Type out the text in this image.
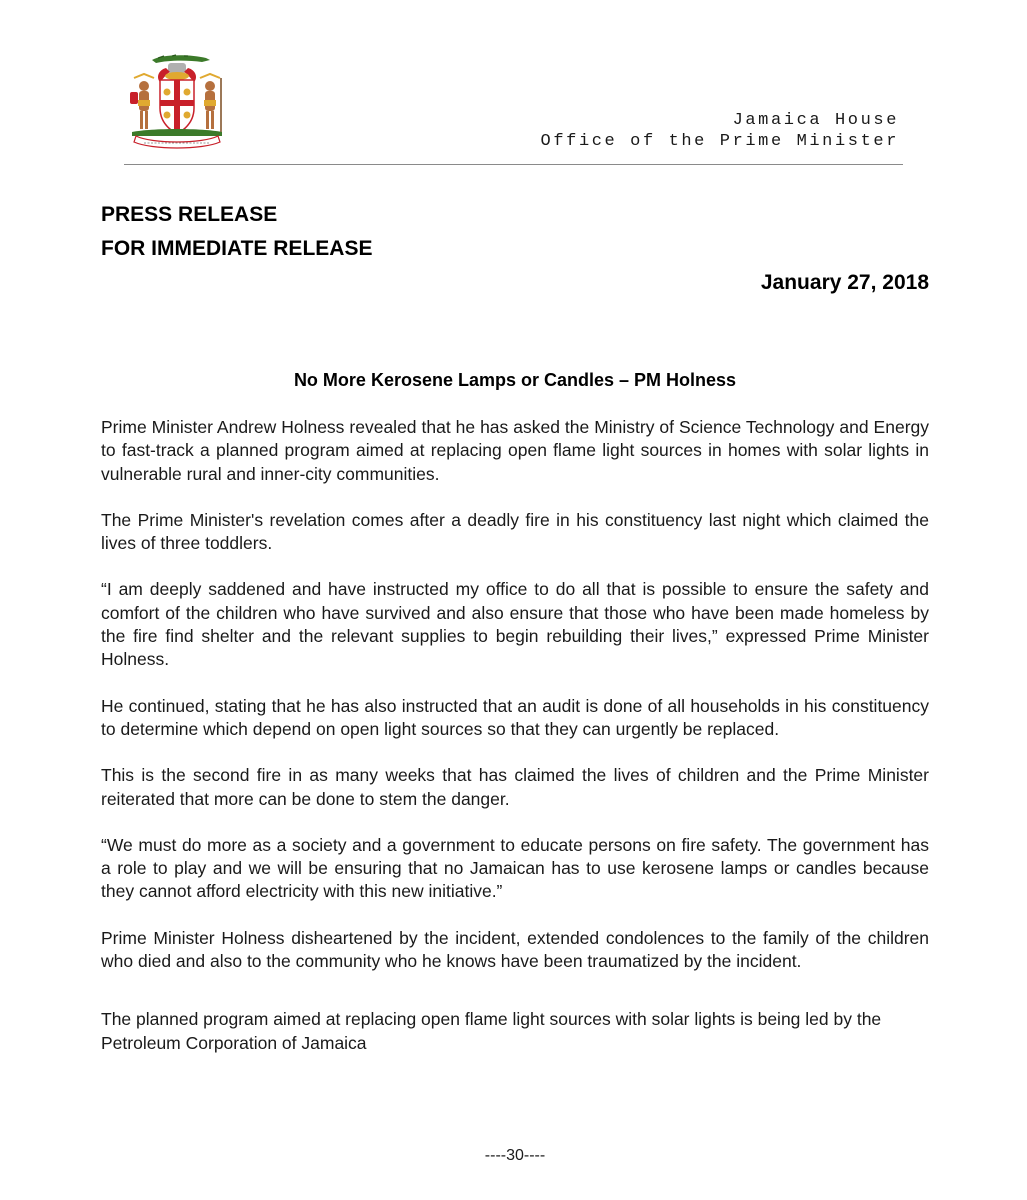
Jamaica House
Office of the Prime Minister
PRESS RELEASE
FOR IMMEDIATE RELEASE
January 27, 2018
No More Kerosene Lamps or Candles – PM Holness

Prime Minister Andrew Holness revealed that he has asked the Ministry of Science Technology and Energy to fast-track a planned program aimed at replacing open flame light sources in homes with solar lights in vulnerable rural and inner-city communities.

The Prime Minister's revelation comes after a deadly fire in his constituency last night which claimed the lives of three toddlers.

“I am deeply saddened and have instructed my office to do all that is possible to ensure the safety and comfort of the children who have survived and also ensure that those who have been made homeless by the fire find shelter and the relevant supplies to begin rebuilding their lives,” expressed Prime Minister Holness.

He continued, stating that he has also instructed that an audit is done of all households in his constituency to determine which depend on open light sources so that they can urgently be replaced.

This is the second fire in as many weeks that has claimed the lives of children and the Prime Minister reiterated that more can be done to stem the danger.

“We must do more as a society and a government to educate persons on fire safety. The government has a role to play and we will be ensuring that no Jamaican has to use kerosene lamps or candles because they cannot afford electricity with this new initiative.”

Prime Minister Holness disheartened by the incident, extended condolences to the family of the children who died and also to the community who he knows have been traumatized by the incident.

The planned program aimed at replacing open flame light sources with solar lights is being led by the Petroleum Corporation of Jamaica

----30----
